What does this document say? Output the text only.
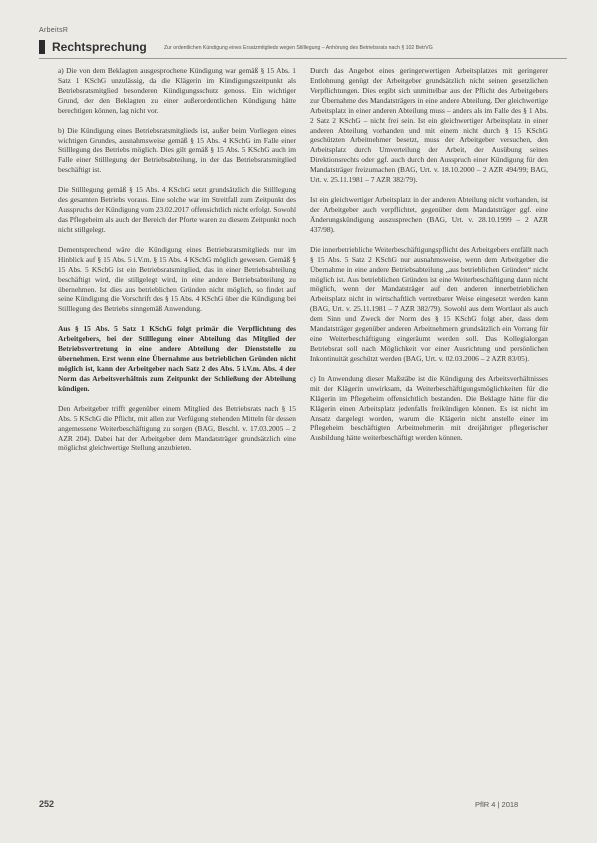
ArbeitsR
Rechtsprechung	Zur ordentlichen Kündigung eines Ersatzmitglieds wegen Stilllegung – Anhörung des Betriebsrats nach § 102 BetrVG

a) Die von dem Beklagten ausgesprochene Kündigung war gemäß § 15 Abs. 1 Satz 1 KSchG unzulässig, da die Klägerin im Kündigungszeitpunkt als Betriebsratsmitglied besonderen Kündigungsschutz genoss. Ein wichtiger Grund, der den Beklagten zu einer außerordentlichen Kündigung hätte berechtigen können, lag nicht vor.

b) Die Kündigung eines Betriebsratsmitglieds ist, außer beim Vorliegen eines wichtigen Grundes, ausnahmsweise gemäß § 15 Abs. 4 KSchG im Falle einer Stilllegung des Betriebs möglich. Dies gilt gemäß § 15 Abs. 5 KSchG auch im Falle einer Stilllegung der Betriebsabteilung, in der das Betriebsratsmitglied beschäftigt ist.

Die Stilllegung gemäß § 15 Abs. 4 KSchG setzt grundsätzlich die Stilllegung des gesamten Betriebs voraus. Eine solche war im Streitfall zum Zeitpunkt des Ausspruchs der Kündigung vom 23.02.2017 offensichtlich nicht erfolgt. Sowohl das Pflegeheim als auch der Bereich der Pforte waren zu diesem Zeitpunkt noch nicht stillgelegt.

Dementsprechend wäre die Kündigung eines Betriebsratsmitglieds nur im Hinblick auf § 15 Abs. 5 i.V.m. § 15 Abs. 4 KSchG möglich gewesen. Gemäß § 15 Abs. 5 KSchG ist ein Betriebsratsmitglied, das in einer Betriebsabteilung beschäftigt wird, die stillgelegt wird, in eine andere Betriebsabteilung zu übernehmen. Ist dies aus betrieblichen Gründen nicht möglich, so findet auf seine Kündigung die Vorschrift des § 15 Abs. 4 KSchG über die Kündigung bei Stilllegung des Betriebs sinngemäß Anwendung.

Aus § 15 Abs. 5 Satz 1 KSchG folgt primär die Verpflichtung des Arbeitgebers, bei der Stilllegung einer Abteilung das Mitglied der Betriebsvertretung in eine andere Abteilung der Dienststelle zu übernehmen. Erst wenn eine Übernahme aus betrieblichen Gründen nicht möglich ist, kann der Arbeitgeber nach Satz 2 des Abs. 5 i.V.m. Abs. 4 der Norm das Arbeitsverhältnis zum Zeitpunkt der Schließung der Abteilung kündigen.

Den Arbeitgeber trifft gegenüber einem Mitglied des Betriebsrats nach § 15 Abs. 5 KSchG die Pflicht, mit allen zur Verfügung stehenden Mitteln für dessen angemessene Weiterbeschäftigung zu sorgen (BAG, Beschl. v. 17.03.2005 – 2 AZR 204). Dabei hat der Arbeitgeber dem Mandatsträger grundsätzlich eine möglichst gleichwertige Stellung anzubieten.

Durch das Angebot eines geringerwertigen Arbeitsplatzes mit geringerer Entlohnung genügt der Arbeitgeber grundsätzlich nicht seinen gesetzlichen Verpflichtungen. Dies ergibt sich unmittelbar aus der Pflicht des Arbeitgebers zur Übernahme des Mandatsträgers in eine andere Abteilung. Der gleichwertige Arbeitsplatz in einer anderen Abteilung muss – anders als im Falle des § 1 Abs. 2 Satz 2 KSchG – nicht frei sein. Ist ein gleichwertiger Arbeitsplatz in einer anderen Abteilung vorhanden und mit einem nicht durch § 15 KSchG geschützten Arbeitnehmer besetzt, muss der Arbeitgeber versuchen, den Arbeitsplatz durch Umverteilung der Arbeit, der Ausübung seines Direktionsrechts oder ggf. auch durch den Ausspruch einer Kündigung für den Mandatsträger freizumachen (BAG, Urt. v. 18.10.2000 – 2 AZR 494/99; BAG, Urt. v. 25.11.1981 – 7 AZR 382/79).

Ist ein gleichwertiger Arbeitsplatz in der anderen Abteilung nicht vorhanden, ist der Arbeitgeber auch verpflichtet, gegenüber dem Mandatsträger ggf. eine Änderungskündigung auszusprechen (BAG, Urt. v. 28.10.1999 – 2 AZR 437/98).

Die innerbetriebliche Weiterbeschäftigungspflicht des Arbeitgebers entfällt nach § 15 Abs. 5 Satz 2 KSchG nur ausnahmsweise, wenn dem Arbeitgeber die Übernahme in eine andere Betriebsabteilung „aus betrieblichen Gründen“ nicht möglich ist. Aus betrieblichen Gründen ist eine Weiterbeschäftigung dann nicht möglich, wenn der Mandatsträger auf den anderen innerbetrieblichen Arbeitsplatz nicht in wirtschaftlich vertretbarer Weise eingesetzt werden kann (BAG, Urt. v. 25.11.1981 – 7 AZR 382/79). Sowohl aus dem Wortlaut als auch dem Sinn und Zweck der Norm des § 15 KSchG folgt aber, dass dem Mandatsträger gegenüber anderen Arbeitnehmern grundsätzlich ein Vorrang für eine Weiterbeschäftigung eingeräumt werden soll. Das Kollegialorgan Betriebsrat soll nach Möglichkeit vor einer Ausrichtung und persönlichen Inkontinuität geschützt werden (BAG, Urt. v. 02.03.2006 – 2 AZR 83/05).

c) In Anwendung dieser Maßstäbe ist die Kündigung des Arbeitsverhältnisses mit der Klägerin unwirksam, da Weiterbeschäftigungsmöglichkeiten für die Klägerin im Pflegeheim offensichtlich bestanden. Die Beklagte hätte für die Klägerin einen Arbeitsplatz jedenfalls freikündigen können. Es ist nicht im Ansatz dargelegt worden, warum die Klägerin nicht anstelle einer im Pflegeheim beschäftigten Arbeitnehmerin mit dreijähriger pflegerischer Ausbildung hätte weiterbeschäftigt werden können.

252	PflR 4 | 2018
